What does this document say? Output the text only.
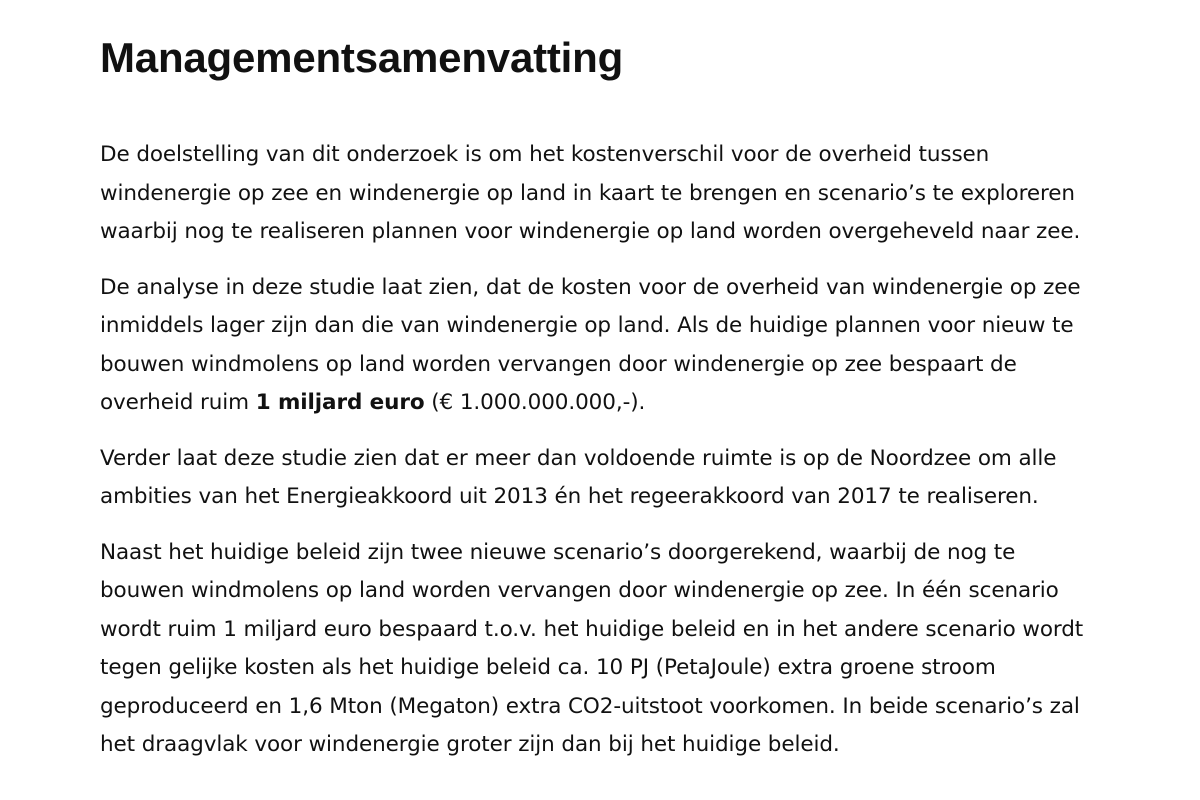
Managementsamenvatting

De doelstelling van dit onderzoek is om het kostenverschil voor de overheid tussen
windenergie op zee en windenergie op land in kaart te brengen en scenario’s te exploreren
waarbij nog te realiseren plannen voor windenergie op land worden overgeheveld naar zee.

De analyse in deze studie laat zien, dat de kosten voor de overheid van windenergie op zee
inmiddels lager zijn dan die van windenergie op land. Als de huidige plannen voor nieuw te
bouwen windmolens op land worden vervangen door windenergie op zee bespaart de
overheid ruim 1 miljard euro (€ 1.000.000.000,-).

Verder laat deze studie zien dat er meer dan voldoende ruimte is op de Noordzee om alle
ambities van het Energieakkoord uit 2013 én het regeerakkoord van 2017 te realiseren.

Naast het huidige beleid zijn twee nieuwe scenario’s doorgerekend, waarbij de nog te
bouwen windmolens op land worden vervangen door windenergie op zee. In één scenario
wordt ruim 1 miljard euro bespaard t.o.v. het huidige beleid en in het andere scenario wordt
tegen gelijke kosten als het huidige beleid ca. 10 PJ (PetaJoule) extra groene stroom
geproduceerd en 1,6 Mton (Megaton) extra CO2-uitstoot voorkomen. In beide scenario’s zal
het draagvlak voor windenergie groter zijn dan bij het huidige beleid.
